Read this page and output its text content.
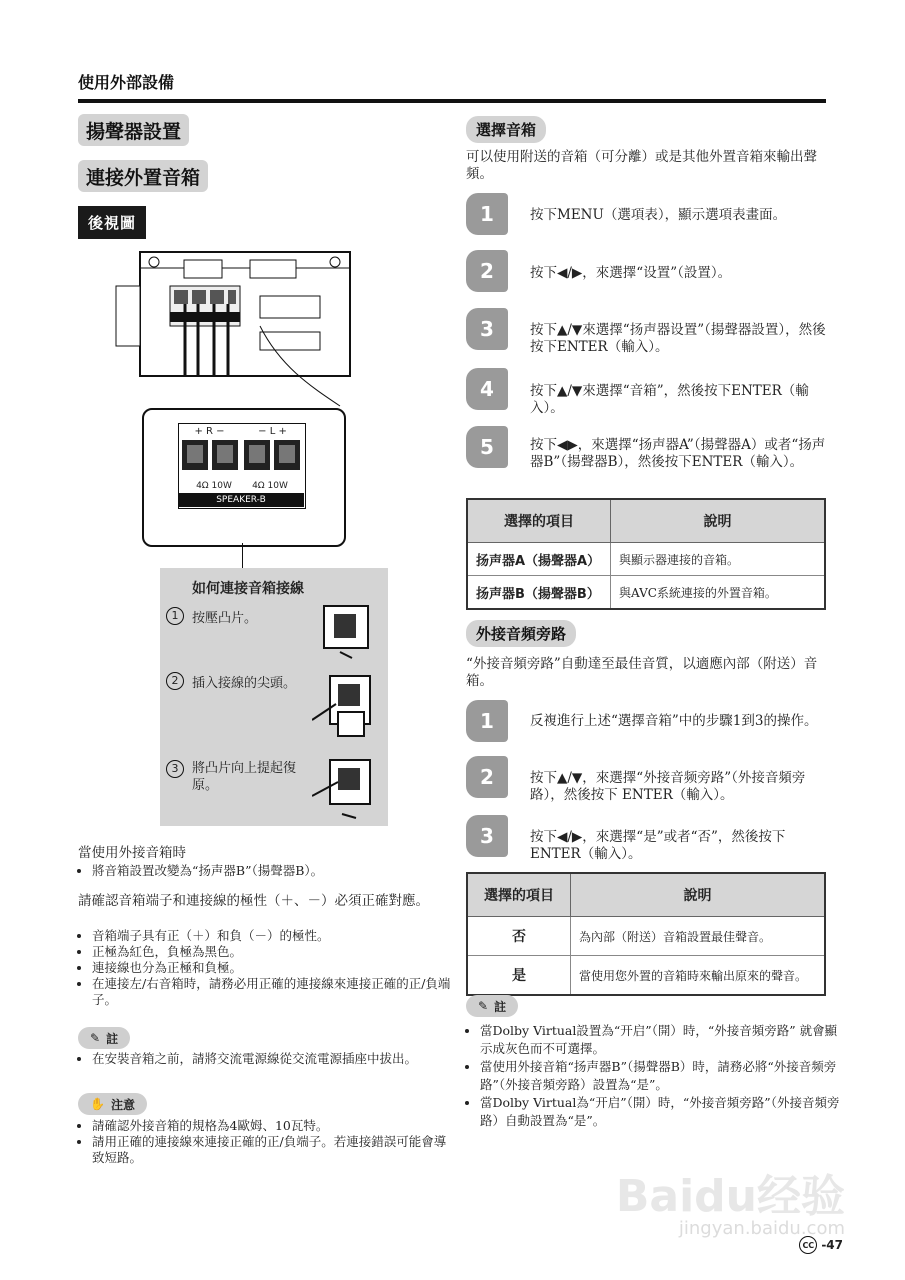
使用外部設備
揚聲器設置
連接外置音箱
後視圖
+ R −	− L +
4Ω 10W	4Ω 10W
SPEAKER-B
如何連接音箱接線
1	按壓凸片。
2	插入接線的尖頭。
3	將凸片向上提起復原。
當使用外接音箱時
• 將音箱設置改變為“扬声器B”（揚聲器B）。
請確認音箱端子和連接線的極性（＋、－）必須正確對應。
• 音箱端子具有正（＋）和負（－）的極性。
• 正極為紅色，負極為黑色。
• 連接線也分為正極和負極。
• 在連接左/右音箱時，請務必用正確的連接線來連接正確的正/負端子。
✎ 註
• 在安裝音箱之前，請將交流電源線從交流電源插座中拔出。
✋ 注意
• 請確認外接音箱的規格為4歐姆、10瓦特。
• 請用正確的連接線來連接正確的正/負端子。若連接錯誤可能會導致短路。
選擇音箱
可以使用附送的音箱（可分離）或是其他外置音箱來輸出聲頻。
1	按下MENU（選項表），顯示選項表畫面。
2	按下◀/▶，來選擇“设置”（設置）。
3	按下▲/▼來選擇“扬声器设置”（揚聲器設置），然後按下ENTER（輸入）。
4	按下▲/▼來選擇“音箱”，然後按下ENTER（輸入）。
5	按下◀▶，來選擇“扬声器A”（揚聲器A）或者“扬声器B”（揚聲器B），然後按下ENTER（輸入）。
選擇的項目	說明
扬声器A（揚聲器A）	與顯示器連接的音箱。
扬声器B（揚聲器B）	與AVC系統連接的外置音箱。
外接音頻旁路
“外接音頻旁路”自動達至最佳音質，以適應內部（附送）音箱。
1	反複進行上述“選擇音箱”中的步驟1到3的操作。
2	按下▲/▼，來選擇“外接音频旁路”（外接音頻旁路），然後按下 ENTER（輸入）。
3	按下◀/▶，來選擇“是”或者“否”，然後按下 ENTER（輸入）。
選擇的項目	說明
否	為內部（附送）音箱設置最佳聲音。
是	當使用您外置的音箱時來輸出原來的聲音。
✎ 註
• 當Dolby Virtual設置為“开启”（開）時，“外接音頻旁路” 就會顯示成灰色而不可選擇。
• 當使用外接音箱“扬声器B”（揚聲器B）時，請務必將“外接音频旁路”（外接音頻旁路）設置為“是”。
• 當Dolby Virtual為“开启”（開）時，“外接音頻旁路”（外接音頻旁路）自動設置為“是”。
Baidu经验
jingyan.baidu.com
CC -47
